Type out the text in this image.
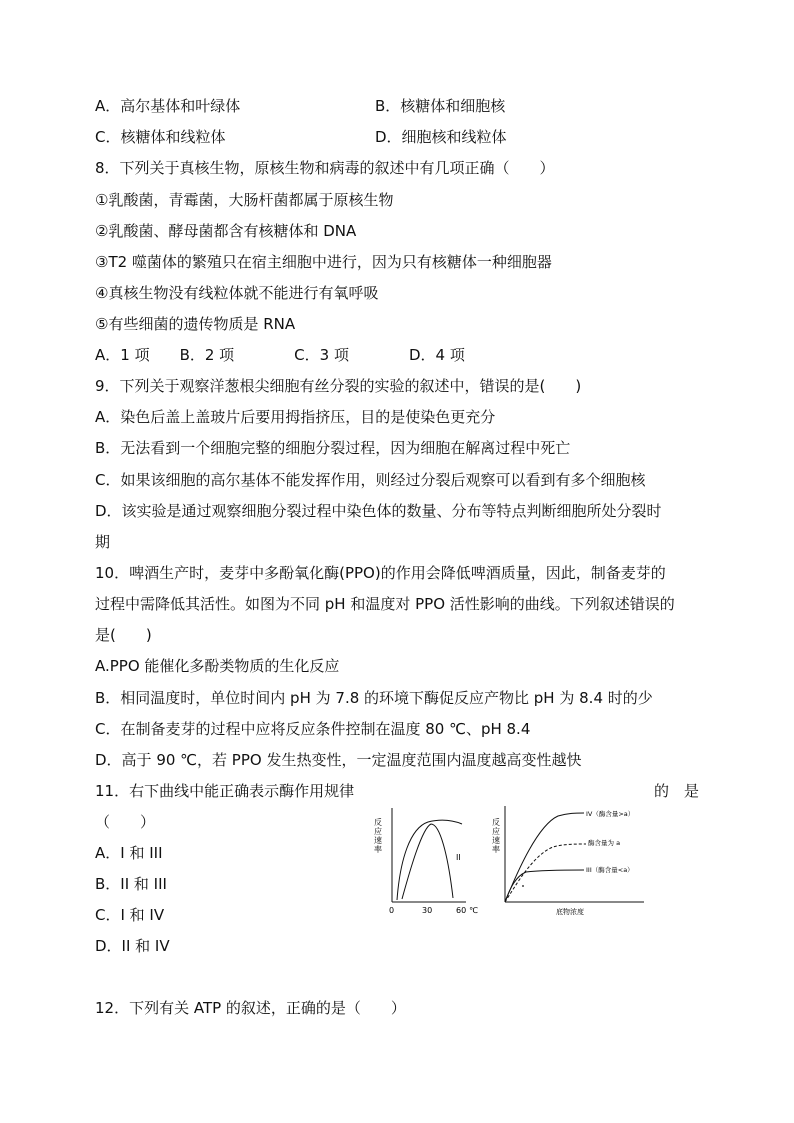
A．高尔基体和叶绿体	B．核糖体和细胞核
C．核糖体和线粒体	D．细胞核和线粒体
8．下列关于真核生物，原核生物和病毒的叙述中有几项正确（　　）
①乳酸菌，青霉菌，大肠杆菌都属于原核生物
②乳酸菌、酵母菌都含有核糖体和 DNA
③T2 噬菌体的繁殖只在宿主细胞中进行，因为只有核糖体一种细胞器
④真核生物没有线粒体就不能进行有氧呼吸
⑤有些细菌的遗传物质是 RNA
A．1 项　　B．2 项　　　　C．3 项　　　　D．4 项
9．下列关于观察洋葱根尖细胞有丝分裂的实验的叙述中，错误的是(　　)
A．染色后盖上盖玻片后要用拇指挤压，目的是使染色更充分
B．无法看到一个细胞完整的细胞分裂过程，因为细胞在解离过程中死亡
C．如果该细胞的高尔基体不能发挥作用，则经过分裂后观察可以看到有多个细胞核
D．该实验是通过观察细胞分裂过程中染色体的数量、分布等特点判断细胞所处分裂时
期
10．啤酒生产时，麦芽中多酚氧化酶(PPO)的作用会降低啤酒质量，因此，制备麦芽的
过程中需降低其活性。如图为不同 pH 和温度对 PPO 活性影响的曲线。下列叙述错误的
是(　　)
A.PPO 能催化多酚类物质的生化反应
B．相同温度时，单位时间内 pH 为 7.8 的环境下酶促反应产物比 pH 为 8.4 时的少
C．在制备麦芽的过程中应将反应条件控制在温度 80 ℃、pH 8.4
D．高于 90 ℃，若 PPO 发生热变性，一定温度范围内温度越高变性越快
11．右下曲线中能正确表示酶作用规律	的　是
（　　）
A．I 和 III
B．II 和 III
C．I 和 IV
D．II 和 IV
反
应
速
率
II
0	30	60 ℃
反
应
速
率
IV（酶含量>a）
酶含量为 a
III（酶含量<a）
底物浓度
12．下列有关 ATP 的叙述，正确的是（　　）
